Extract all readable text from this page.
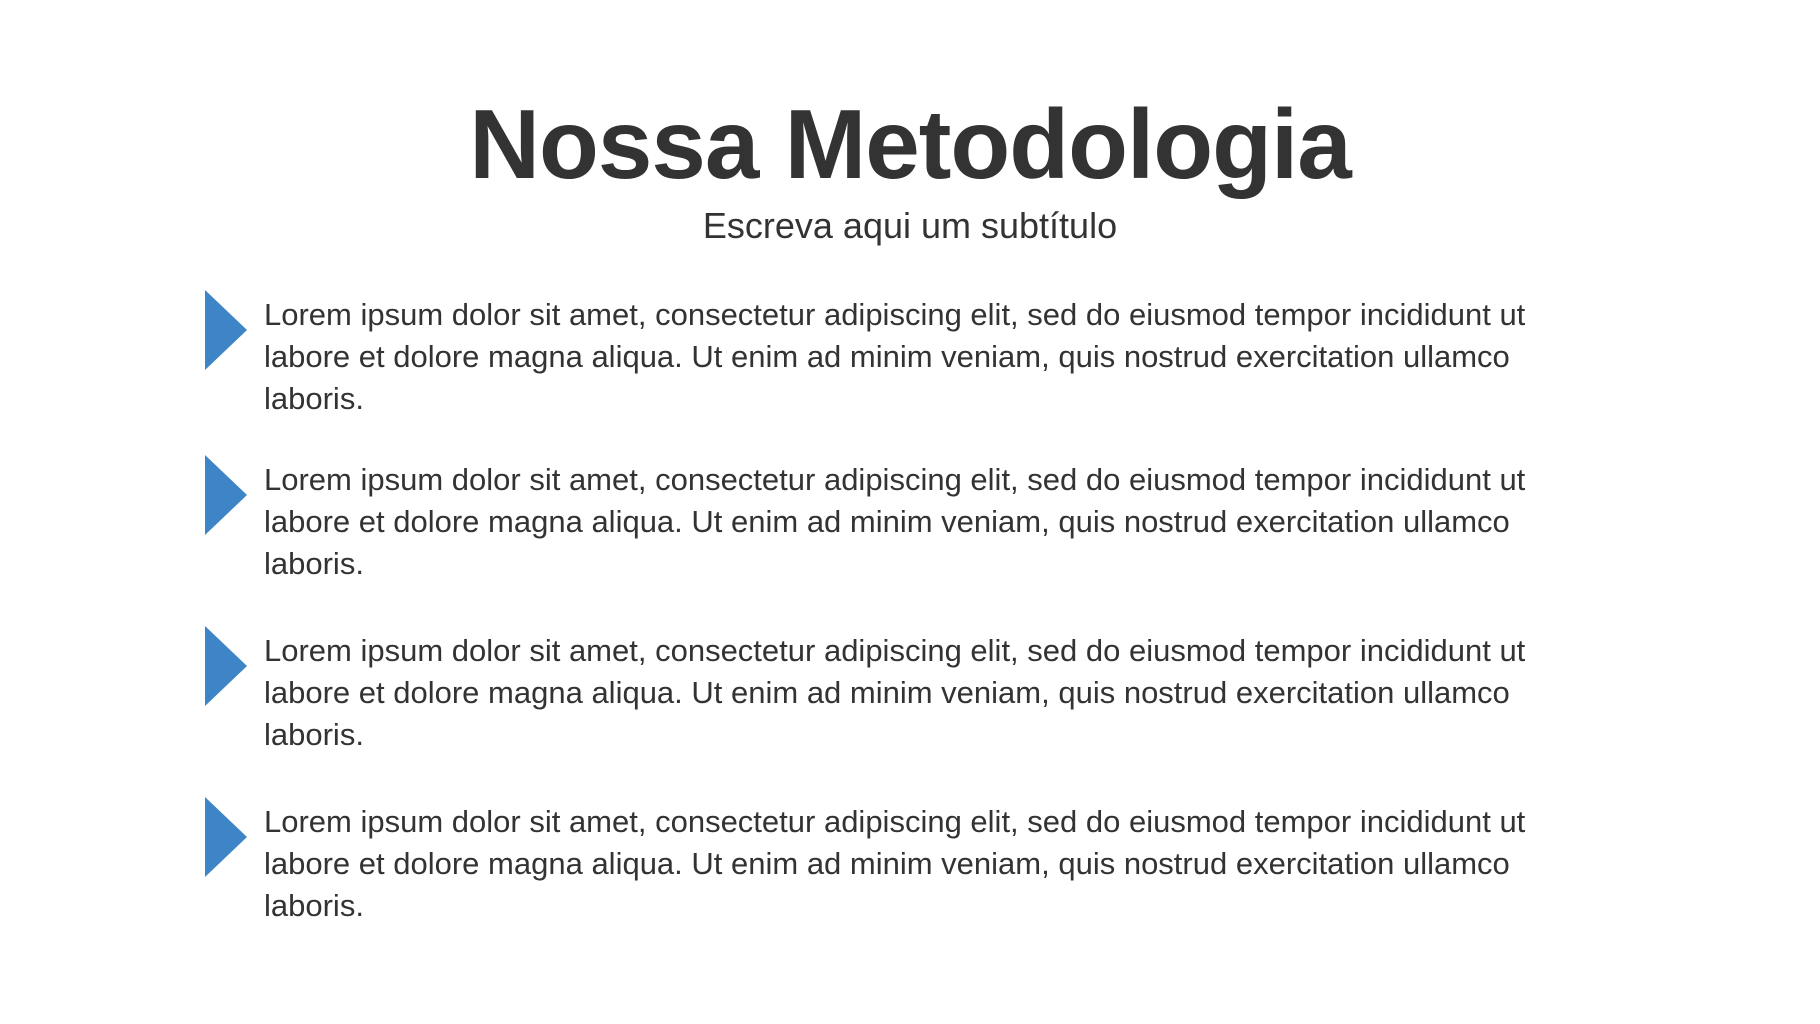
Nossa Metodologia

Escreva aqui um subtítulo

Lorem ipsum dolor sit amet, consectetur adipiscing elit, sed do eiusmod tempor incididunt ut labore et dolore magna aliqua. Ut enim ad minim veniam, quis nostrud exercitation ullamco laboris.

Lorem ipsum dolor sit amet, consectetur adipiscing elit, sed do eiusmod tempor incididunt ut labore et dolore magna aliqua. Ut enim ad minim veniam, quis nostrud exercitation ullamco laboris.

Lorem ipsum dolor sit amet, consectetur adipiscing elit, sed do eiusmod tempor incididunt ut labore et dolore magna aliqua. Ut enim ad minim veniam, quis nostrud exercitation ullamco laboris.

Lorem ipsum dolor sit amet, consectetur adipiscing elit, sed do eiusmod tempor incididunt ut labore et dolore magna aliqua. Ut enim ad minim veniam, quis nostrud exercitation ullamco laboris.
